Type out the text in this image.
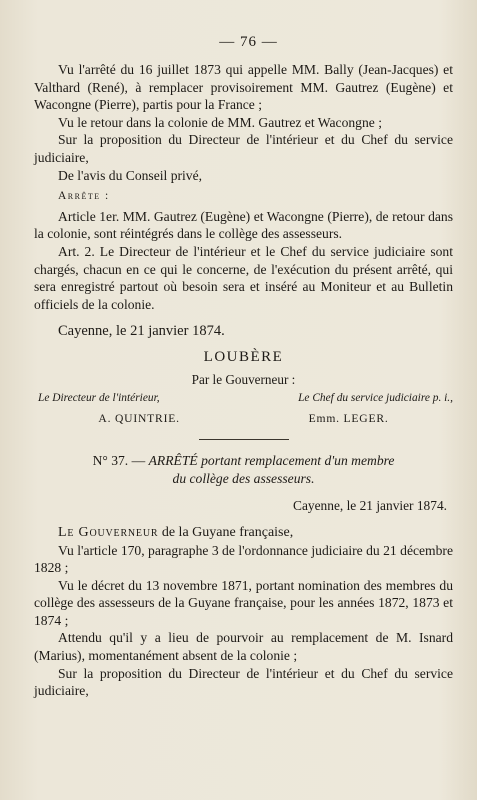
— 76 —

Vu l'arrêté du 16 juillet 1873 qui appelle MM. Bally (Jean-Jacques) et Valthard (René), à remplacer provisoirement MM. Gautrez (Eugène) et Wacongne (Pierre), partis pour la France ;

Vu le retour dans la colonie de MM. Gautrez et Wacongne ;

Sur la proposition du Directeur de l'intérieur et du Chef du service judiciaire,

De l'avis du Conseil privé,

Arrête :

Article 1er. MM. Gautrez (Eugène) et Wacongne (Pierre), de retour dans la colonie, sont réintégrés dans le collège des assesseurs.

Art. 2. Le Directeur de l'intérieur et le Chef du service judiciaire sont chargés, chacun en ce qui le concerne, de l'exécution du présent arrêté, qui sera enregistré partout où besoin sera et inséré au Moniteur et au Bulletin officiels de la colonie.

Cayenne, le 21 janvier 1874.

LOUBÈRE
Par le Gouverneur :
Le Directeur de l'intérieur,	Le Chef du service judiciaire p. i.,
A. QUINTRIE.	Emm. LEGER.
N° 37. — ARRÊTÉ portant remplacement d'un membre
du collège des assesseurs.
Cayenne, le 21 janvier 1874.

Le Gouverneur de la Guyane française,

Vu l'article 170, paragraphe 3 de l'ordonnance judiciaire du 21 décembre 1828 ;

Vu le décret du 13 novembre 1871, portant nomination des membres du collège des assesseurs de la Guyane française, pour les années 1872, 1873 et 1874 ;

Attendu qu'il y a lieu de pourvoir au remplacement de M. Isnard (Marius), momentanément absent de la colonie ;

Sur la proposition du Directeur de l'intérieur et du Chef du service judiciaire,
